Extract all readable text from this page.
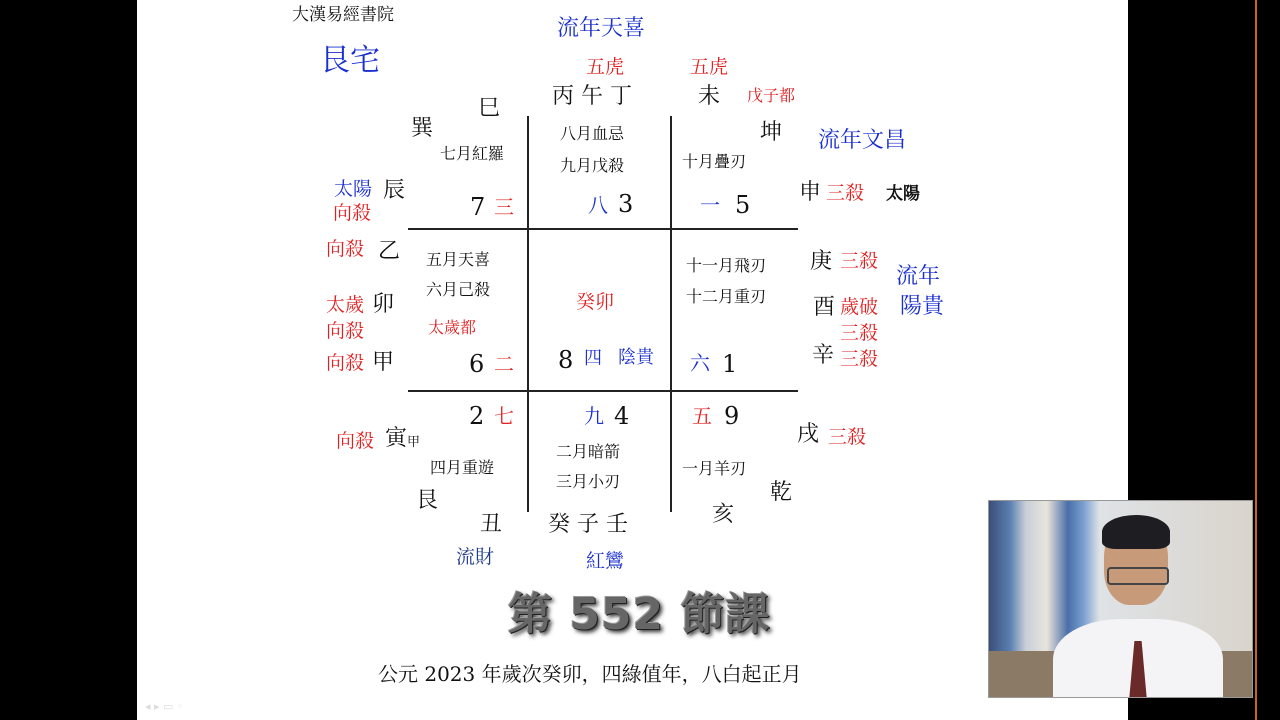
大漢易經書院
艮宅
流年天喜
五虎	五虎
戊子都
丙 午 丁	未
巽
巳
坤
辰
乙
卯
甲
寅 甲
艮
丑 癸 子 壬	亥
乾
申
庚
酉
辛
戌
太陽
向殺
向殺
太歲
向殺
向殺
向殺
流年文昌
三殺 太陽
三殺
流年
陽貴
歲破
三殺
三殺
三殺
流財	紅鸞
七月紅羅
7 三
八月血忌
九月戊殺
八 3
十月疊刃
一 5
五月天喜
六月己殺
太歲都
6 二
癸卯
8 四 陰貴
十一月飛刃
十二月重刃
六 1
2 七
四月重遊
九 4
二月暗箭
三月小刃
五 9
一月羊刃
第 552 節課
公元 2023 年歲次癸卯，四綠值年，八白起正月
◂ ▸ ▭ ◦
